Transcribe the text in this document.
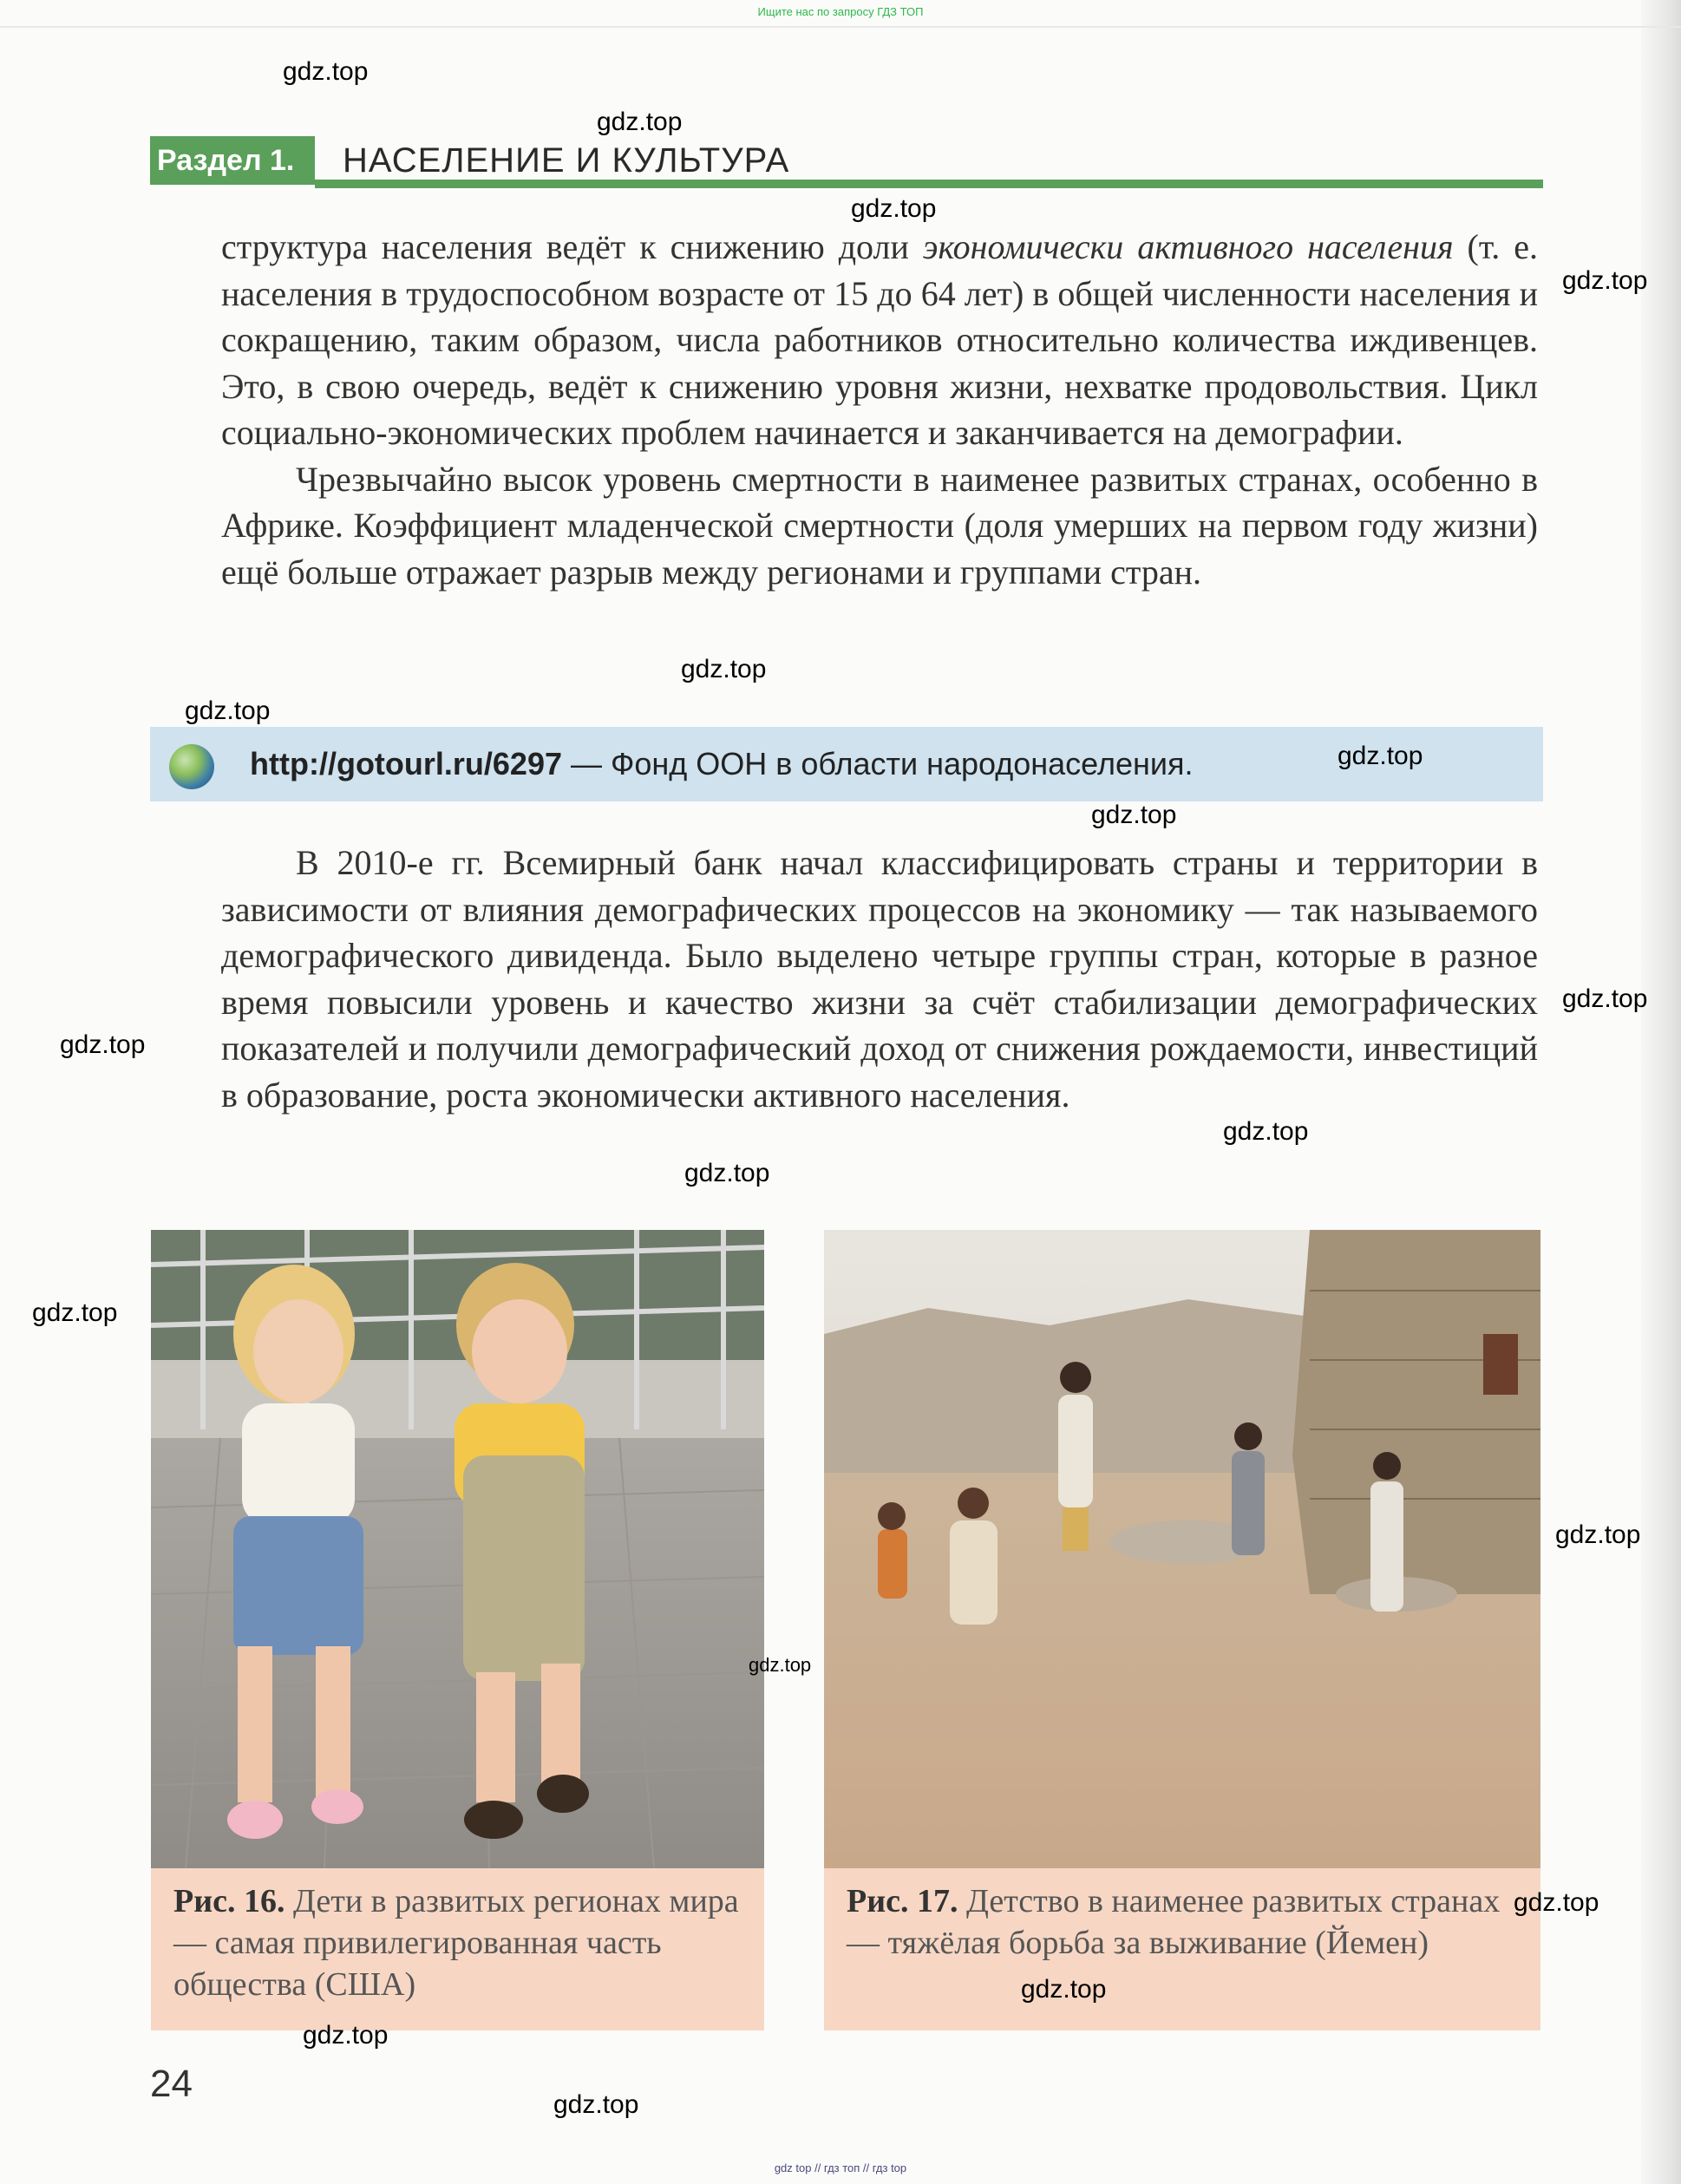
Ищите нас по запросу ГДЗ ТОП
Раздел 1.	НАСЕЛЕНИЕ И КУЛЬТУРА

структура населения ведёт к снижению доли экономически активного населения (т. е. населения в трудоспособном возрасте от 15 до 64 лет) в общей численности населения и сокращению, таким образом, числа работников относительно количества иждивенцев. Это, в свою очередь, ведёт к снижению уровня жизни, нехватке продовольствия. Цикл социально-экономических проблем начинается и заканчивается на демографии.

Чрезвычайно высок уровень смертности в наименее развитых странах, особенно в Африке. Коэффициент младенческой смертности (доля умерших на первом году жизни) ещё больше отражает разрыв между регионами и группами стран.

http://gotourl.ru/6297 — Фонд ООН в области народонаселения.

В 2010-е гг. Всемирный банк начал классифицировать страны и территории в зависимости от влияния демографических процессов на экономику — так называемого демографического дивиденда. Было выделено четыре группы стран, которые в разное время повысили уровень и качество жизни за счёт стабилизации демографических показателей и получили демографический доход от снижения рождаемости, инвестиций в образование, роста экономически активного населения.

Рис. 16. Дети в развитых регионах мира — самая привилегированная часть общества (США)
Рис. 17. Детство в наименее развитых странах — тяжёлая борьба за выживание (Йемен)
24
gdz.top
gdz.top
gdz.top
gdz.top
gdz.top
gdz.top
gdz.top
gdz.top
gdz.top
gdz.top
gdz.top
gdz.top
gdz.top
gdz.top
gdz.top
gdz.top
gdz.top
gdz.top
gdz.top
gdz top // гдз топ // гдз top
